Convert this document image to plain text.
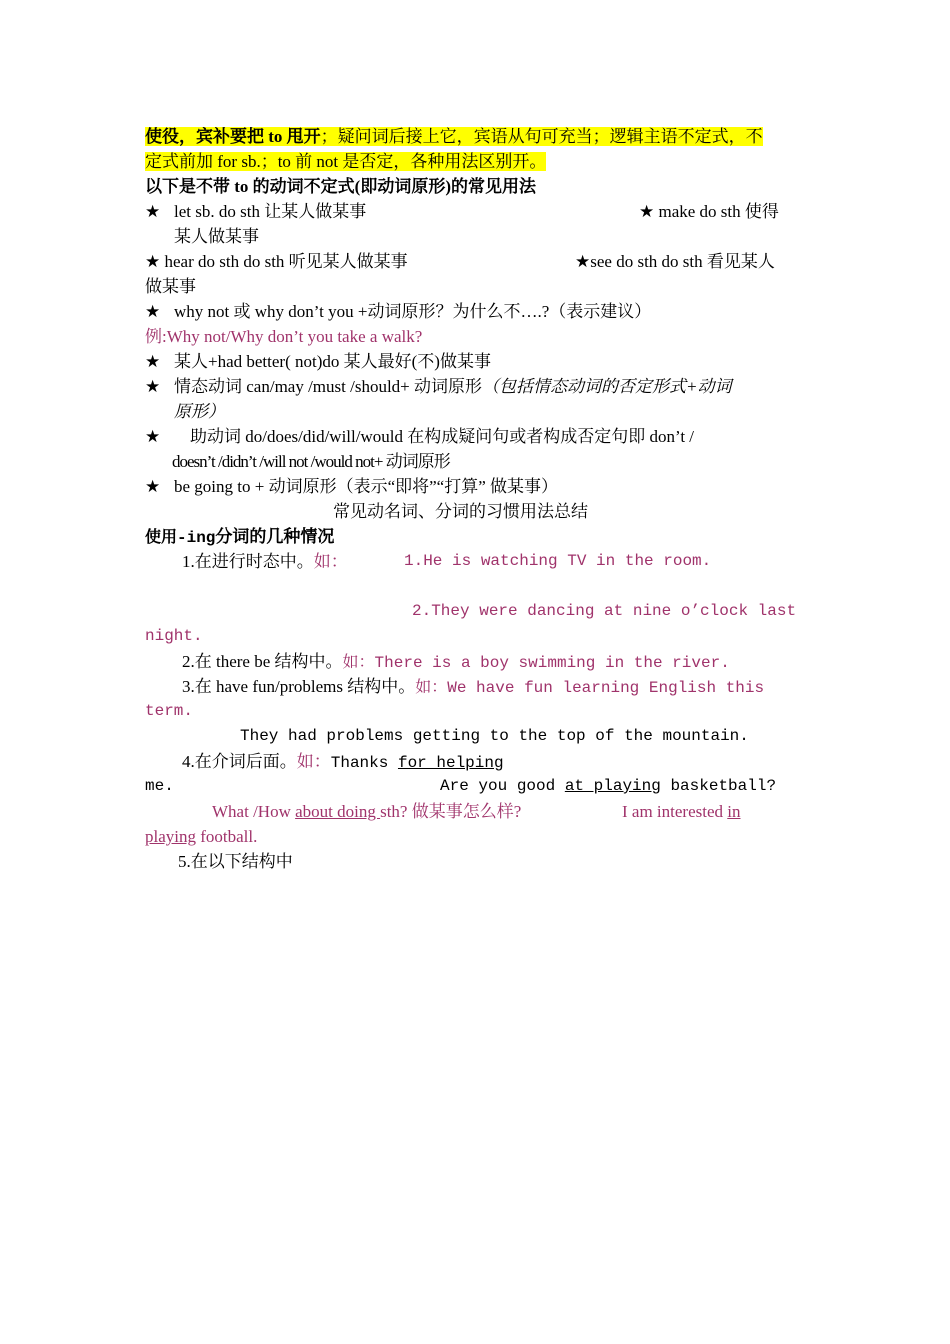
使役，宾补要把 to 甩开；疑问词后接上它，宾语从句可充当；逻辑主语不定式，不
定式前加 for sb.；to 前 not 是否定，各种用法区别开。
以下是不带 to 的动词不定式(即动词原形)的常见用法
★ let sb. do sth 让某人做某事	★ make do sth 使得
某人做某事
★ hear do sth do sth 听见某人做某事	★see do sth do sth 看见某人
做某事
★ why not 或 why don’t you +动词原形？为什么不….?（表示建议）
例:Why not/Why don’t you take a walk?
★ 某人+had better( not)do 某人最好(不)做某事
★ 情态动词 can/may /must /should+ 动词原形（包括情态动词的否定形式+动词
原形）
★ 助动词 do/does/did/will/would 在构成疑问句或者构成否定句即 don’t /
doesn’t /didn’t /will not /would not+ 动词原形
★ be going to + 动词原形（表示“即将”“打算” 做某事）
常见动名词、分词的习惯用法总结
使用-ing分词的几种情况
1.在进行时态中。如：	1.He is watching TV in the room.
2.They were dancing at nine o’clock last
night.
2.在 there be 结构中。如：There is a boy swimming in the river.
3.在 have fun/problems 结构中。如：We have fun learning English this
term.
They had problems getting to the top of the mountain.
4.在介词后面。如：Thanks for helping
me.	Are you good at playing basketball?
What /How about doing sth? 做某事怎么样?	I am interested in
playing football.
5.在以下结构中
